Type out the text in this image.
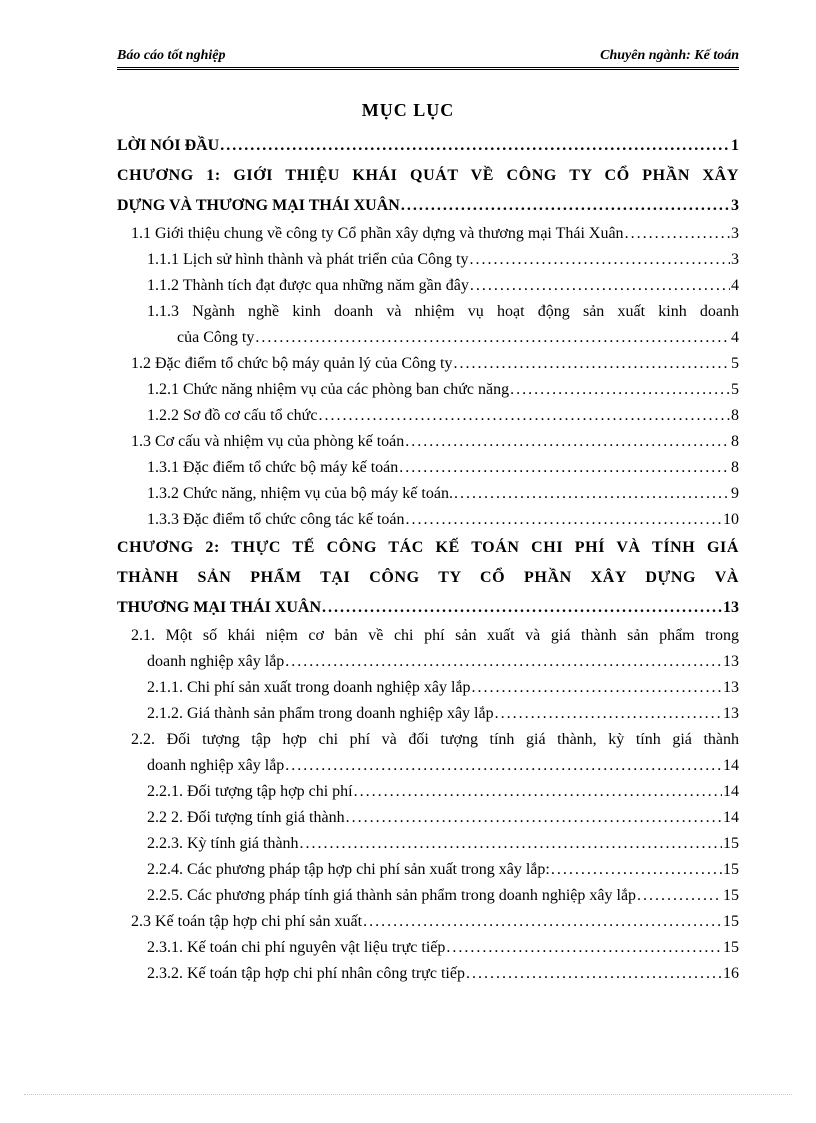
Báo cáo tốt nghiệp	Chuyên ngành: Kế toán
MỤC LỤC
LỜI NÓI ĐẦU . . .	1
CHƯƠNG 1: GIỚI THIỆU KHÁI QUÁT VỀ CÔNG TY CỔ PHẦN XÂY
DỰNG VÀ THƯƠNG MẠI THÁI XUÂN . . .	3
1.1 Giới thiệu chung về công ty Cổ phần xây dựng và thương mại Thái Xuân . . .	3
1.1.1 Lịch sử hình thành và phát triển của Công ty . . .	3
1.1.2 Thành tích đạt được qua những năm gần đây . . .	4
1.1.3 Ngành nghề kinh doanh và nhiệm vụ hoạt động sản xuất kinh doanh
của Công ty . . .	4
1.2 Đặc điểm tổ chức bộ máy quản lý của Công ty . . .	5
1.2.1 Chức năng nhiệm vụ của các phòng ban chức năng . . .	5
1.2.2 Sơ đồ cơ cấu tổ chức . . .	8
1.3 Cơ cấu và nhiệm vụ của phòng kế toán . . .	8
1.3.1 Đặc điểm tổ chức bộ máy kế toán . . .	8
1.3.2 Chức năng, nhiệm vụ của bộ máy kế toán. . . .	9
1.3.3 Đặc điểm tổ chức công tác kế toán . . .	10
CHƯƠNG 2: THỰC TẾ CÔNG TÁC KẾ TOÁN CHI PHÍ VÀ TÍNH GIÁ
THÀNH SẢN PHẨM TẠI CÔNG TY CỔ PHẦN XÂY DỰNG VÀ
THƯƠNG MẠI THÁI XUÂN . . .	13
2.1. Một số khái niệm cơ bản về chi phí sản xuất và giá thành sản phẩm trong
doanh nghiệp xây lắp . . .	13
2.1.1. Chi phí sản xuất trong doanh nghiệp xây lắp . . .	13
2.1.2. Giá thành sản phẩm trong doanh nghiệp xây lắp . . .	13
2.2. Đối tượng tập hợp chi phí và đối tượng tính giá thành, kỳ tính giá thành
doanh nghiệp xây lắp . . .	14
2.2.1. Đối tượng tập hợp chi phí . . .	14
2.2 2. Đối tượng tính giá thành . . .	14
2.2.3. Kỳ tính giá thành . . .	15
2.2.4. Các phương pháp tập hợp chi phí sản xuất trong xây lắp: . . .	15
2.2.5. Các phương pháp tính giá thành sản phẩm trong doanh nghiệp xây lắp . . .	15
2.3 Kế toán tập hợp chi phí sản xuất . . .	15
2.3.1. Kế toán chi phí nguyên vật liệu trực tiếp . . .	15
2.3.2. Kế toán tập hợp chi phí nhân công trực tiếp . . .	16
